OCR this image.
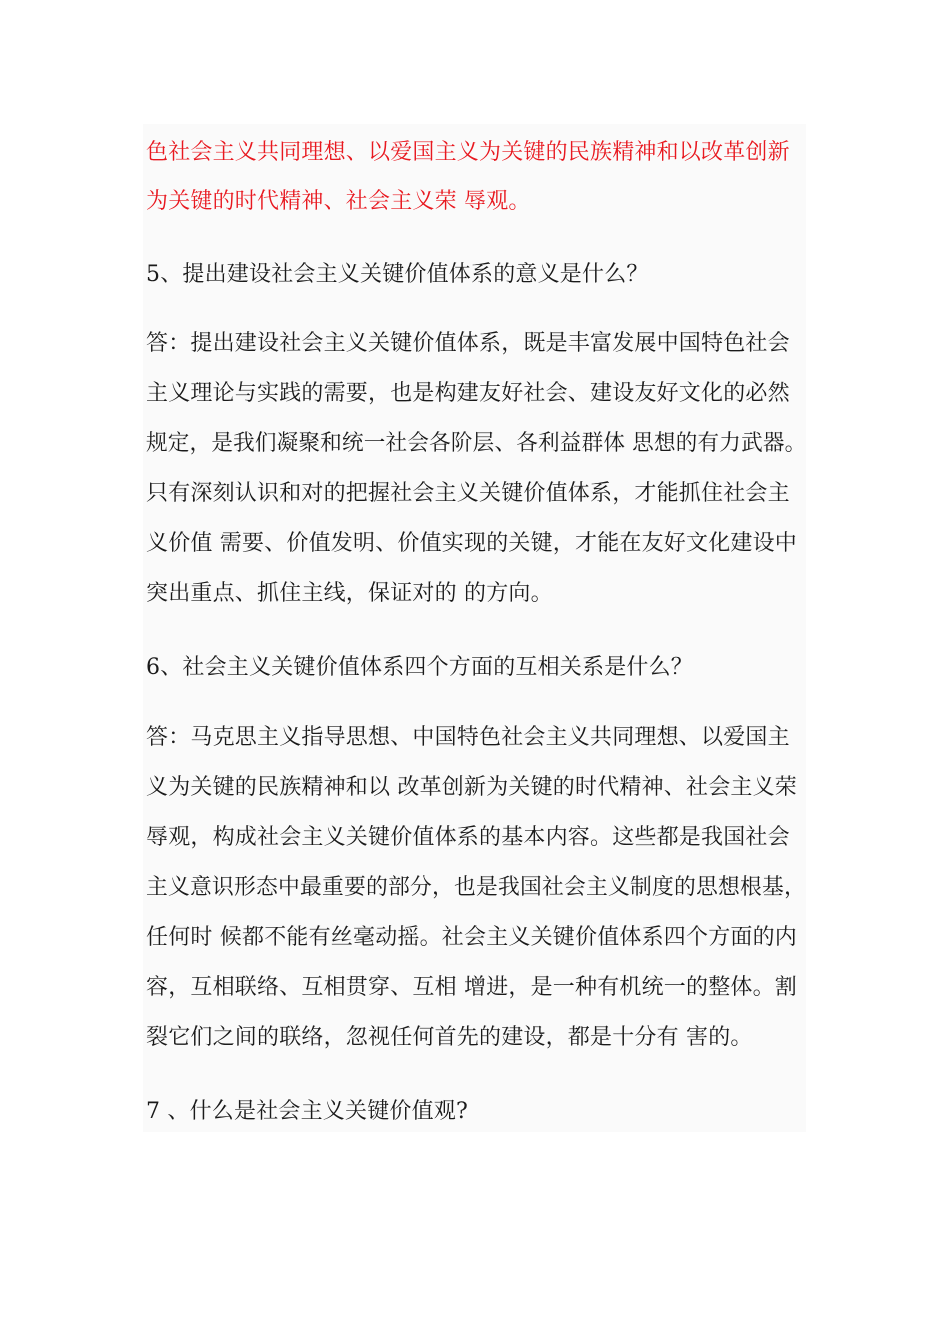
色社会主义共同理想、以爱国主义为关键的民族精神和以改革创新
为关键的时代精神、社会主义荣 辱观。
5、提出建设社会主义关键价值体系的意义是什么？
答：提出建设社会主义关键价值体系，既是丰富发展中国特色社会
主义理论与实践的需要，也是构建友好社会、建设友好文化的必然
规定，是我们凝聚和统一社会各阶层、各利益群体 思想的有力武器。
只有深刻认识和对的把握社会主义关键价值体系，才能抓住社会主
义价值 需要、价值发明、价值实现的关键，才能在友好文化建设中
突出重点、抓住主线，保证对的 的方向。
6、社会主义关键价值体系四个方面的互相关系是什么？
答：马克思主义指导思想、中国特色社会主义共同理想、以爱国主
义为关键的民族精神和以 改革创新为关键的时代精神、社会主义荣
辱观，构成社会主义关键价值体系的基本内容。这些都是我国社会
主义意识形态中最重要的部分，也是我国社会主义制度的思想根基，
任何时 候都不能有丝毫动摇。社会主义关键价值体系四个方面的内
容，互相联络、互相贯穿、互相 增进，是一种有机统一的整体。割
裂它们之间的联络，忽视任何首先的建设，都是十分有 害的。
7 、什么是社会主义关键价值观?
